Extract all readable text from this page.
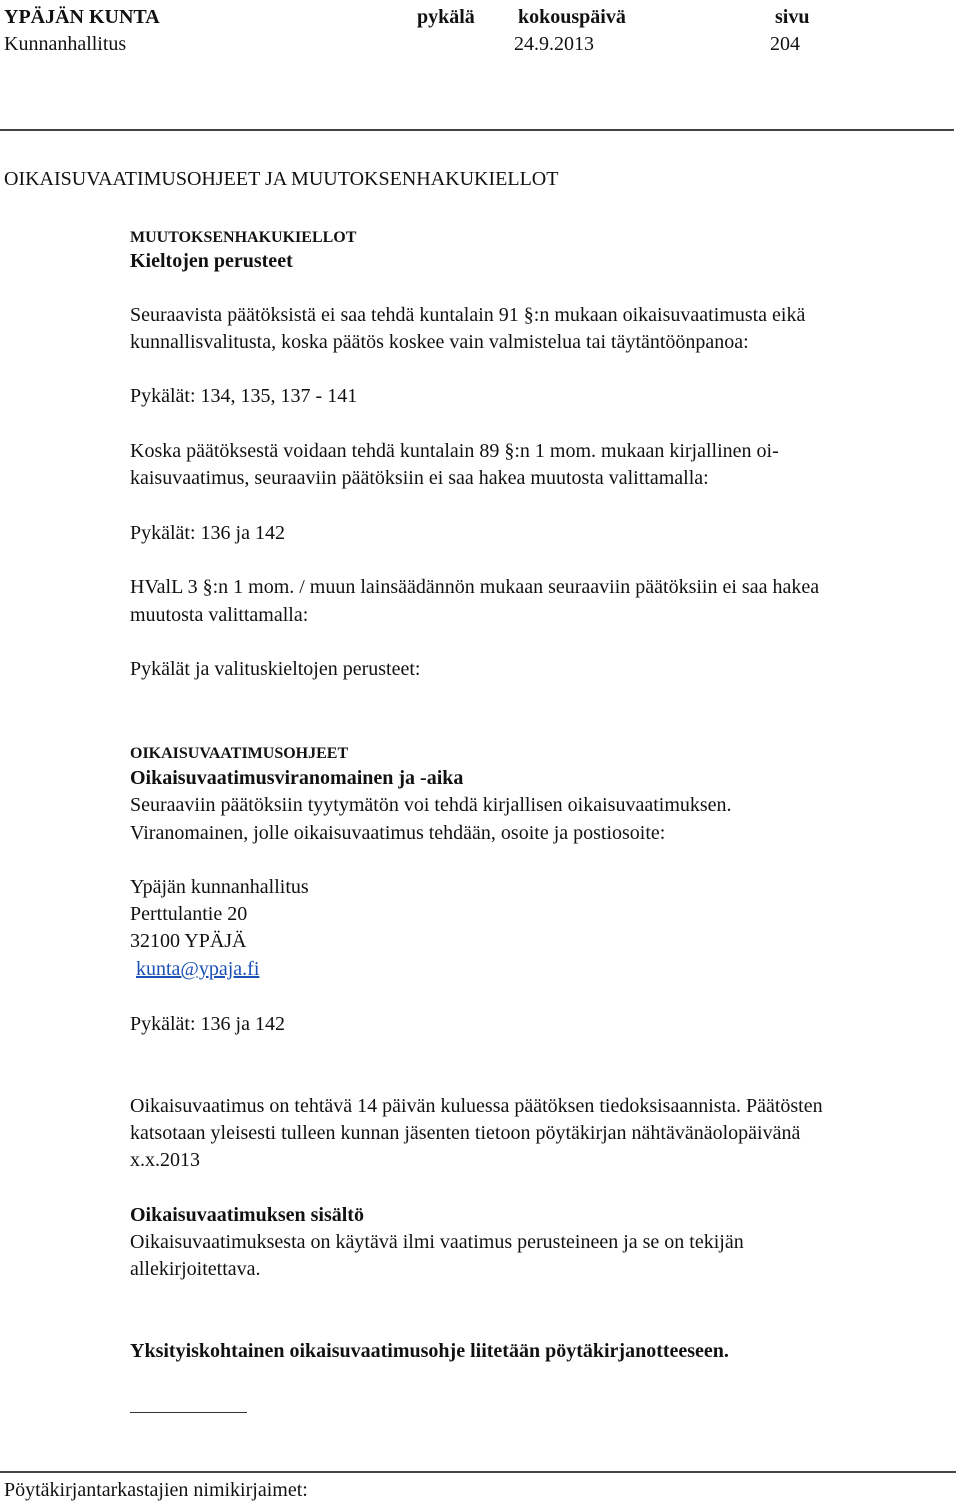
YPÄJÄN KUNTA	pykälä kokouspäivä	sivu
Kunnanhallitus	24.9.2013	204
OIKAISUVAATIMUSOHJEET JA MUUTOKSENHAKUKIELLOT
MUUTOKSENHAKUKIELLOT
Kieltojen perusteet
Seuraavista päätöksistä ei saa tehdä kuntalain 91 §:n mukaan oikaisuvaatimusta eikä
kunnallisvalitusta, koska päätös koskee vain valmistelua tai täytäntöönpanoa:
Pykälät: 134, 135, 137 - 141
Koska päätöksestä voidaan tehdä kuntalain 89 §:n 1 mom. mukaan kirjallinen oi-
kaisuvaatimus, seuraaviin päätöksiin ei saa hakea muutosta valittamalla:
Pykälät: 136 ja 142
HValL 3 §:n 1 mom. / muun lainsäädännön mukaan seuraaviin päätöksiin ei saa hakea
muutosta valittamalla:
Pykälät ja valituskieltojen perusteet:
OIKAISUVAATIMUSOHJEET
Oikaisuvaatimusviranomainen ja -aika
Seuraaviin päätöksiin tyytymätön voi tehdä kirjallisen oikaisuvaatimuksen.
Viranomainen, jolle oikaisuvaatimus tehdään, osoite ja postiosoite:
Ypäjän kunnanhallitus
Perttulantie 20
32100 YPÄJÄ
kunta@ypaja.fi
Pykälät: 136 ja 142
Oikaisuvaatimus on tehtävä 14 päivän kuluessa päätöksen tiedoksisaannista. Päätösten
katsotaan yleisesti tulleen kunnan jäsenten tietoon pöytäkirjan nähtävänäolopäivänä
x.x.2013
Oikaisuvaatimuksen sisältö
Oikaisuvaatimuksesta on käytävä ilmi vaatimus perusteineen ja se on tekijän
allekirjoitettava.
Yksityiskohtainen oikaisuvaatimusohje liitetään pöytäkirjanotteeseen.
Pöytäkirjantarkastajien nimikirjaimet:
